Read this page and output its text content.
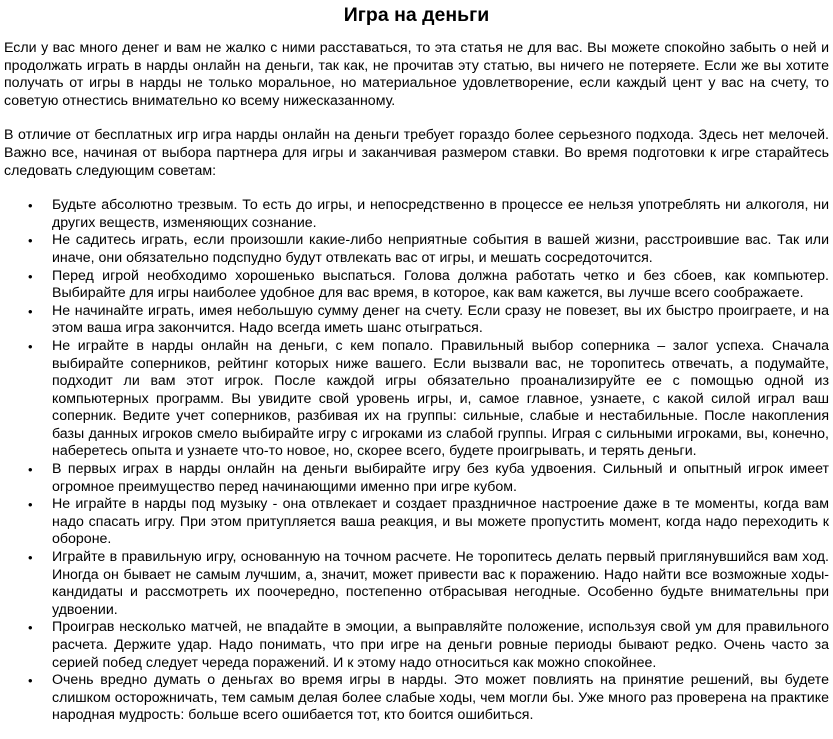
Игра на деньги

Если у вас много денег и вам не жалко с ними расставаться, то эта статья не для вас. Вы можете спокойно забыть о ней и продолжать играть в нарды онлайн на деньги, так как, не прочитав эту статью, вы ничего не потеряете. Если же вы хотите получать от игры в нарды не только моральное, но материальное удовлетворение, если каждый цент у вас на счету, то советую отнестись внимательно ко всему нижесказанному.

В отличие от бесплатных игр игра нарды онлайн на деньги требует гораздо более серьезного подхода. Здесь нет мелочей. Важно все, начиная от выбора партнера для игры и заканчивая размером ставки. Во время подготовки к игре старайтесь следовать следующим советам:

• Будьте абсолютно трезвым. То есть до игры, и непосредственно в процессе ее нельзя употреблять ни алкоголя, ни других веществ, изменяющих сознание.
• Не садитесь играть, если произошли какие-либо неприятные события в вашей жизни, расстроившие вас. Так или иначе, они обязательно подспудно будут отвлекать вас от игры, и мешать сосредоточится.
• Перед игрой необходимо хорошенько выспаться. Голова должна работать четко и без сбоев, как компьютер. Выбирайте для игры наиболее удобное для вас время, в которое, как вам кажется, вы лучше всего соображаете.
• Не начинайте играть, имея небольшую сумму денег на счету. Если сразу не повезет, вы их быстро проиграете, и на этом ваша игра закончится. Надо всегда иметь шанс отыграться.
• Не играйте в нарды онлайн на деньги, с кем попало. Правильный выбор соперника – залог успеха. Сначала выбирайте соперников, рейтинг которых ниже вашего. Если вызвали вас, не торопитесь отвечать, а подумайте, подходит ли вам этот игрок. После каждой игры обязательно проанализируйте ее с помощью одной из компьютерных программ. Вы увидите свой уровень игры, и, самое главное, узнаете, с какой силой играл ваш соперник. Ведите учет соперников, разбивая их на группы: сильные, слабые и нестабильные. После накопления базы данных игроков смело выбирайте игру с игроками из слабой группы. Играя с сильными игроками, вы, конечно, наберетесь опыта и узнаете что-то новое, но, скорее всего, будете проигрывать, и терять деньги.
• В первых играх в нарды онлайн на деньги выбирайте игру без куба удвоения. Сильный и опытный игрок имеет огромное преимущество перед начинающими именно при игре кубом.
• Не играйте в нарды под музыку - она отвлекает и создает праздничное настроение даже в те моменты, когда вам надо спасать игру. При этом притупляется ваша реакция, и вы можете пропустить момент, когда надо переходить к обороне.
• Играйте в правильную игру, основанную на точном расчете. Не торопитесь делать первый приглянувшийся вам ход. Иногда он бывает не самым лучшим, а, значит, может привести вас к поражению. Надо найти все возможные ходы-кандидаты и рассмотреть их поочередно, постепенно отбрасывая негодные. Особенно будьте внимательны при удвоении.
• Проиграв несколько матчей, не впадайте в эмоции, а выправляйте положение, используя свой ум для правильного расчета. Держите удар. Надо понимать, что при игре на деньги ровные периоды бывают редко. Очень часто за серией побед следует череда поражений. И к этому надо относиться как можно спокойнее.
• Очень вредно думать о деньгах во время игры в нарды. Это может повлиять на принятие решений, вы будете слишком осторожничать, тем самым делая более слабые ходы, чем могли бы. Уже много раз проверена на практике народная мудрость: больше всего ошибается тот, кто боится ошибиться.
